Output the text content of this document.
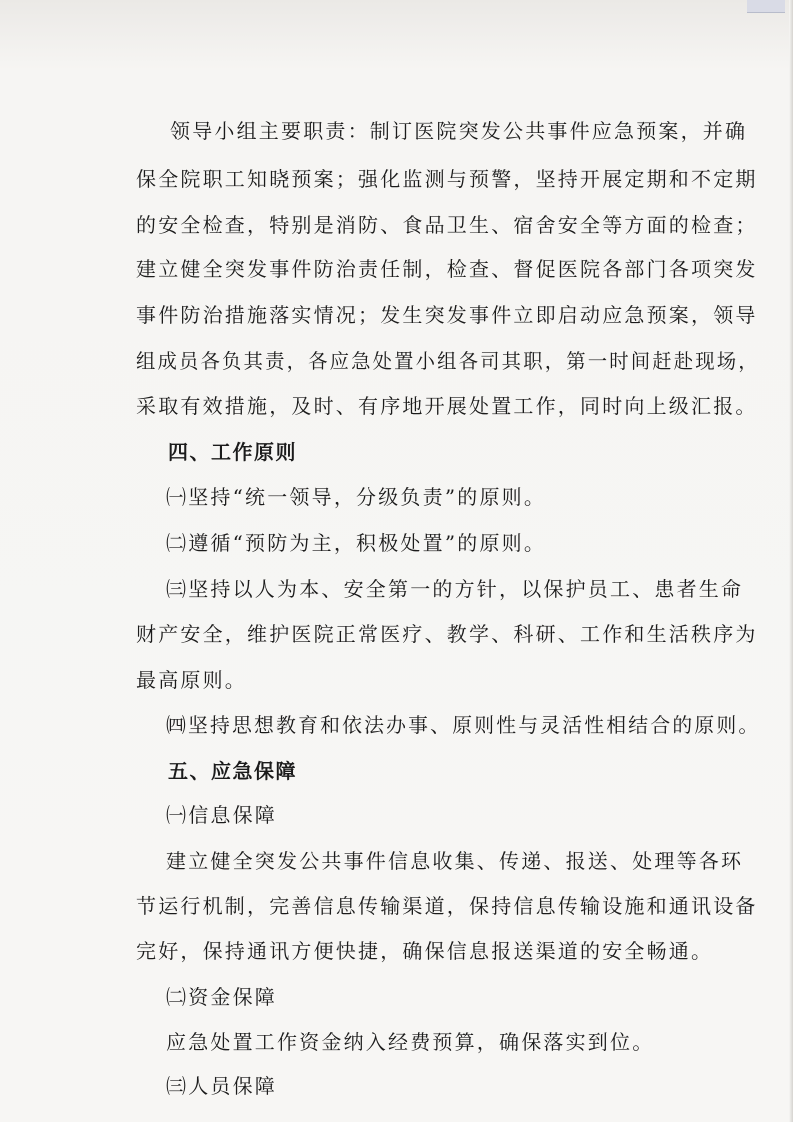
领导小组主要职责：制订医院突发公共事件应急预案，并确
保全院职工知晓预案；强化监测与预警，坚持开展定期和不定期
的安全检查，特别是消防、食品卫生、宿舍安全等方面的检查；
建立健全突发事件防治责任制，检查、督促医院各部门各项突发
事件防治措施落实情况；发生突发事件立即启动应急预案，领导
组成员各负其责，各应急处置小组各司其职，第一时间赶赴现场，
采取有效措施，及时、有序地开展处置工作，同时向上级汇报。
四、工作原则
㈠坚持“统一领导，分级负责”的原则。
㈡遵循“预防为主，积极处置”的原则。
㈢坚持以人为本、安全第一的方针，以保护员工、患者生命
财产安全，维护医院正常医疗、教学、科研、工作和生活秩序为
最高原则。
㈣坚持思想教育和依法办事、原则性与灵活性相结合的原则。
五、应急保障
㈠信息保障
建立健全突发公共事件信息收集、传递、报送、处理等各环
节运行机制，完善信息传输渠道，保持信息传输设施和通讯设备
完好，保持通讯方便快捷，确保信息报送渠道的安全畅通。
㈡资金保障
应急处置工作资金纳入经费预算，确保落实到位。
㈢人员保障
